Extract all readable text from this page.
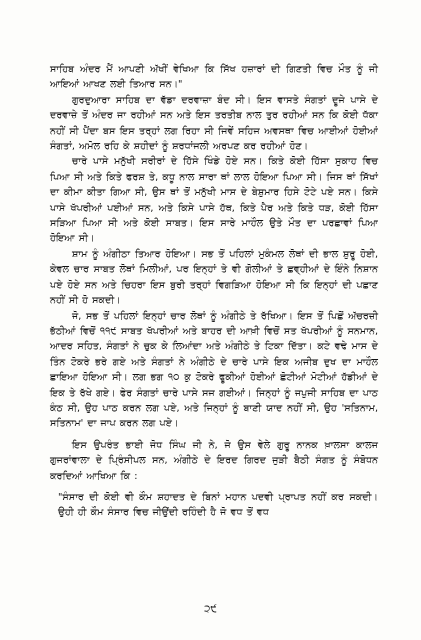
ਸਾਹਿਬ ਅੰਦਰ ਮੈਂ ਆਪਣੀ ਅੱਖੀਂ ਵੇਖਿਆ ਕਿ ਸਿੱਖ ਹਜ਼ਾਰਾਂ ਦੀ ਗਿਣਤੀ ਵਿਚ ਮੌਤ ਨੂੰ ਜੀ ਆਇਆਂ ਆਖਣ ਲਈ ਤਿਆਰ ਸਨ।"

ਗੁਰਦੁਆਰਾ ਸਾਹਿਬ ਦਾ ਵੱਡਾ ਦਰਵਾਜ਼ਾ ਬੰਦ ਸੀ। ਇਸ ਵਾਸਤੇ ਸੰਗਤਾਂ ਦੂਜੇ ਪਾਸੇ ਦੇ ਦਰਵਾਜ਼ੇ ਤੋਂ ਅੰਦਰ ਜਾ ਰਹੀਆਂ ਸਨ ਅਤੇ ਇਸ ਤਰਤੀਬ ਨਾਲ ਤੁਰ ਰਹੀਆਂ ਸਨ ਕਿ ਕੋਈ ਧੱਕਾ ਨਹੀਂ ਸੀ ਪੈਂਦਾ ਬਸ ਇਸ ਤਰ੍ਹਾਂ ਲਗ ਰਿਹਾ ਸੀ ਜਿਵੇਂ ਸਹਿਜ ਅਵਸਥਾ ਵਿਚ ਆਈਆਂ ਹੋਈਆਂ ਸੰਗਤਾਂ, ਅਮੋਲ ਰਹਿ ਕੇ ਸ਼ਹੀਦਾਂ ਨੂੰ ਸ਼ਰਧਾਂਜਲੀ ਅਰਪਣ ਕਰ ਰਹੀਆਂ ਹੋਣ।

ਚਾਰੇ ਪਾਸੇ ਮਨੁੱਖੀ ਸਰੀਰਾਂ ਦੇ ਹਿੱਸੇ ਖਿੰਡੇ ਹੋਏ ਸਨ। ਕਿਤੇ ਕੋਈ ਹਿੱਸਾ ਸੁਕਾਹ ਵਿਚ ਪਿਆ ਸੀ ਅਤੇ ਕਿਤੇ ਫਰਸ਼ ਤੇ, ਕਧੂ ਨਾਲ ਸਾਰਾ ਥਾਂ ਲਾਲ ਹੋਇਆ ਪਿਆ ਸੀ। ਜਿਸ ਥਾਂ ਸਿੱਖਾਂ ਦਾ ਕੀਮਾ ਕੀਤਾ ਗਿਆ ਸੀ, ਉਸ ਥਾਂ ਤੋਂ ਮਨੁੱਖੀ ਮਾਸ ਦੇ ਬੇਸ਼ੁਮਾਰ ਹਿਸੇ ਟੋਟੇ ਪਏ ਸਨ। ਕਿਸੇ ਪਾਸੇ ਖੱਪਰੀਆਂ ਪਈਆਂ ਸਨ, ਅਤੇ ਕਿਸੇ ਪਾਸੇ ਹੱਥ, ਕਿਤੇ ਪੈਰ ਅਤੇ ਕਿਤੇ ਧੜ, ਕੋਈ ਹਿੱਸਾ ਸੜਿਆ ਪਿਆ ਸੀ ਅਤੇ ਕੋਈ ਸਾਬਤ। ਇਸ ਸਾਰੇ ਮਾਹੌਲ ਉਤੇ ਮੌਤ ਦਾ ਪਰਛਾਵਾਂ ਪਿਆ ਹੋਇਆ ਸੀ।

ਸ਼ਾਮ ਨੂੰ ਅੰਗੀਠਾ ਤਿਆਰ ਹੋਇਆ। ਸਭ ਤੋਂ ਪਹਿਲਾਂ ਮੁਕੰਮਲ ਲੋਥਾਂ ਦੀ ਭਾਲ ਸ਼ੁਰੂ ਹੋਈ, ਕੇਵਲ ਚਾਰ ਸਾਬਤ ਲੋਥਾਂ ਮਿਲੀਆਂ, ਪਰ ਇਨ੍ਹਾਂ ਤੇ ਵੀ ਗੋਲੀਆਂ ਤੇ ਛਵ੍ਹੀਆਂ ਦੇ ਇੰਨੇ ਨਿਸ਼ਾਨ ਪਏ ਹੋਏ ਸਨ ਅਤੇ ਚਿਹਰਾ ਇਸ ਬੁਰੀ ਤਰ੍ਹਾਂ ਵਿਗੜਿਆ ਹੋਇਆ ਸੀ ਕਿ ਇਨ੍ਹਾਂ ਦੀ ਪਛਾਣ ਨਹੀਂ ਸੀ ਹੋ ਸਕਦੀ।

ਜੋ, ਸਭ ਤੋਂ ਪਹਿਲਾਂ ਇਨ੍ਹਾਂ ਚਾਰ ਲੋਥਾਂ ਨੂੰ ਅੰਗੀਠੇ ਤੇ ਰੱਖਿਆ। ਇਸ ਤੋਂ ਪਿਛੋਂ ਅੱਚਰਜ਼ੀ ਭੱਠੀਆਂ ਵਿਚੋਂ ੧੧੯ ਸਾਬਤ ਖੱਪਰੀਆਂ ਅਤੇ ਬਾਹਰ ਦੀ ਆਖ਼ੀ ਵਿਚੋਂ ਸਤ ਖੱਪਰੀਆਂ ਨੂੰ ਸਨਮਾਨ, ਆਦਰ ਸਹਿਤ, ਸੰਗਤਾਂ ਨੇ ਚੁਕ ਕੇ ਲਿਆਂਦਾ ਅਤੇ ਅੰਗੀਠੇ ਤੇ ਟਿਕਾ ਦਿੱਤਾ। ਕਟੇ ਵਢੇ ਮਾਸ ਦੇ ਤਿੰਨ ਟੋਕਰੇ ਭਰੇ ਗਏ ਅਤੇ ਸੰਗਤਾਂ ਨੇ ਅੰਗੀਠੇ ਦੇ ਚਾਰੇ ਪਾਸੇ ਇਕ ਅਜੀਬ ਦੁਖ ਦਾ ਮਾਹੌਲ ਛਾਇਆ ਹੋਇਆ ਸੀ। ਲਗ ਭਗ ੧੦ ਕੁ ਟੋਕਰੇ ਫੂਕੀਆਂ ਹੋਈਆਂ ਛੋਟੀਆਂ ਮੋਟੀਆਂ ਹੱਡੀਆਂ ਦੇ ਇਕ ਤੇ ਰੱਖੇ ਗਏ। ਫੇਰ ਸੰਗਤਾਂ ਚਾਰੇ ਪਾਸੇ ਸਜ ਗਈਆਂ। ਜਿਨ੍ਹਾਂ ਨੂੰ ਜਪੁਜੀ ਸਾਹਿਬ ਦਾ ਪਾਠ ਕੰਠ ਸੀ, ਉਹ ਪਾਠ ਕਰਨ ਲਗ ਪਏ, ਅਤੇ ਜਿਨ੍ਹਾਂ ਨੂੰ ਬਾਣੀ ਯਾਦ ਨਹੀਂ ਸੀ, ਉਹ 'ਸਤਿਨਾਮ, ਸਤਿਨਾਮ' ਦਾ ਜਾਪ ਕਰਨ ਲਗ ਪਏ।

ਇਸ ਉਪਰੰਤ ਭਾਈ ਜੋਧ ਸਿੰਘ ਜੀ ਨੇ, ਜੋ ਉਸ ਵੇਲੇ ਗੁਰੂ ਨਾਨਕ ਖ਼ਾਲਸਾ ਕਾਲਜ ਗੁਜਰਾਂਵਾਲਾ ਦੇ ਪ੍ਰਿੰਸੀਪਲ ਸਨ, ਅੰਗੀਠੇ ਦੇ ਇਰਦ ਗਿਰਦ ਜੁੜੀ ਬੈਠੀ ਸੰਗਤ ਨੂੰ ਸੰਬੋਧਨ ਕਰਦਿਆਂ ਆਖਿਆ ਕਿ :

"ਸੰਸਾਰ ਦੀ ਕੋਈ ਵੀ ਕੌਮ ਸ਼ਹਾਦਤ ਦੇ ਬਿਨਾਂ ਮਹਾਨ ਪਦਵੀ ਪ੍ਰਾਪਤ ਨਹੀਂ ਕਰ ਸਕਦੀ। ਉਹੀ ਹੀ ਕੌਮ ਸੰਸਾਰ ਵਿਚ ਜੀਉਂਦੀ ਰਹਿੰਦੀ ਹੈ ਜੋ ਵਧ ਤੋਂ ਵਧ

੨੯
